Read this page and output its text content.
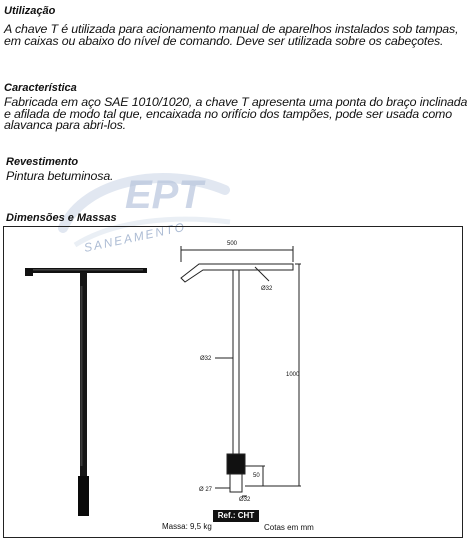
EPT
SANEAMENTO
Utilização

A chave T é utilizada para acionamento manual de aparelhos instalados sob tampas, em caixas ou abaixo do nível de comando. Deve ser utilizada sobre os cabeçotes.

Característica

Fabricada em aço SAE 1010/1020, a chave T apresenta uma ponta do braço inclinada e afilada de modo tal que, encaixada no orifício dos tampões, pode ser usada como alavanca para abri-los.

Revestimento

Pintura betuminosa.

Dimensões e Massas
500
Ø32
Ø32
1000
50
Ø 27
Ø32
Ref.: CHT
Massa: 9,5 kg	Cotas em mm
